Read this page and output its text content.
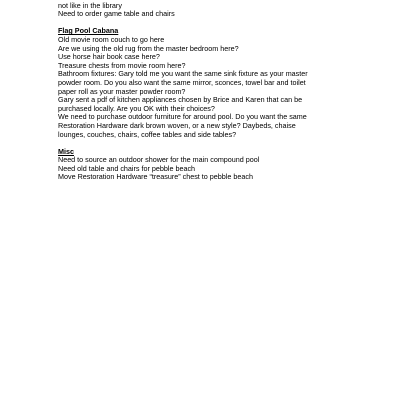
not like in the library
Need to order game table and chairs
Flag Pool Cabana
Old movie room couch to go here
Are we using the old rug from the master bedroom here?
Use horse hair book case here?
Treasure chests from movie room here?
Bathroom fixtures: Gary told me you want the same sink fixture as your master
powder room. Do you also want the same mirror, sconces, towel bar and toilet
paper roll as your master powder room?
Gary sent a pdf of kitchen appliances chosen by Brice and Karen that can be
purchased locally. Are you OK with their choices?
We need to purchase outdoor furniture for around pool. Do you want the same
Restoration Hardware dark brown woven, or a new style? Daybeds, chaise
lounges, couches, chairs, coffee tables and side tables?
Misc
Need to source an outdoor shower for the main compound pool
Need old table and chairs for pebble beach
Move Restoration Hardware “treasure” chest to pebble beach
